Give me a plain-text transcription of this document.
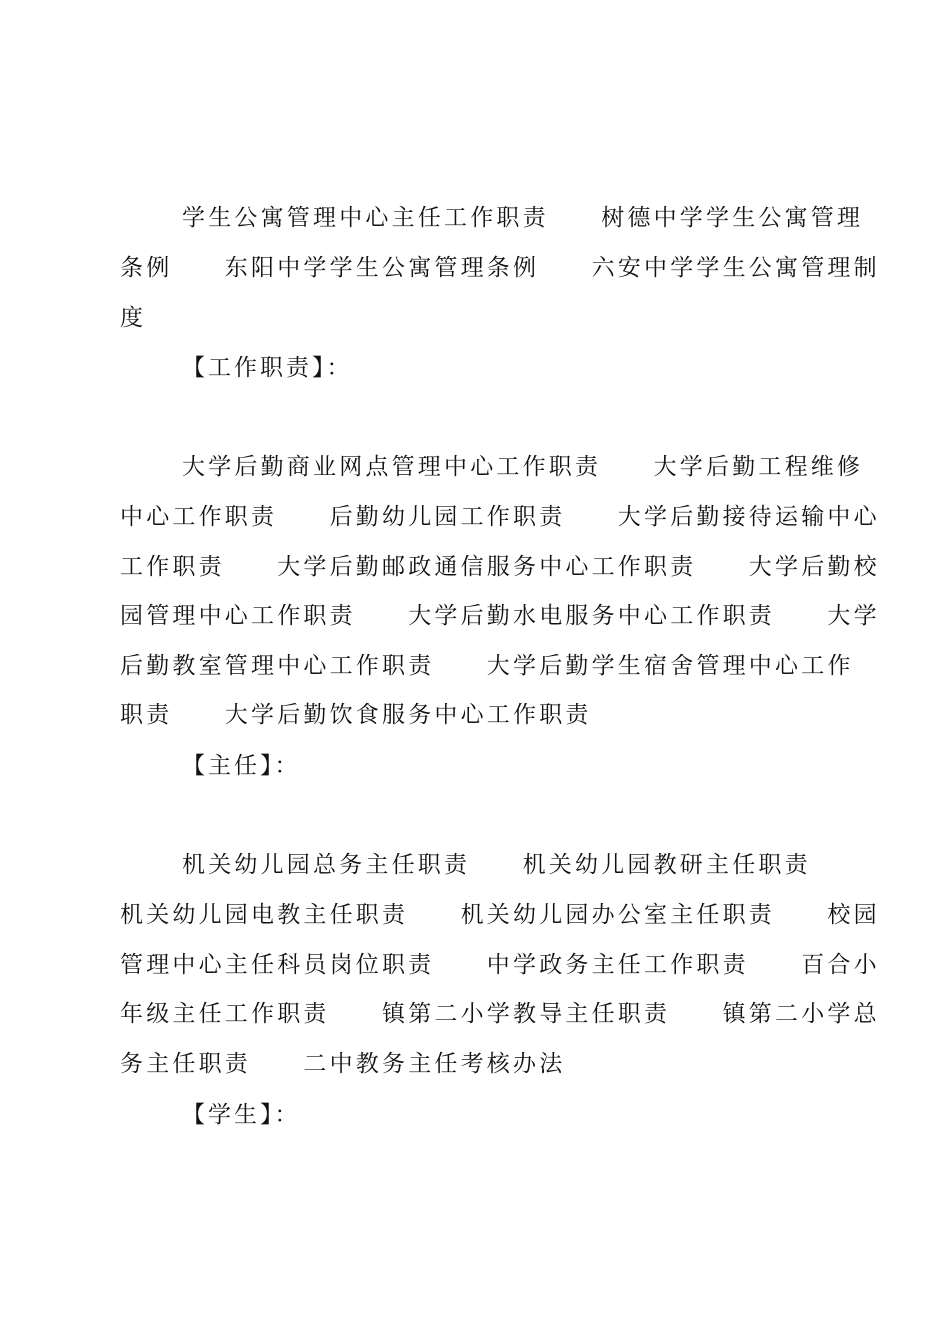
学生公寓管理中心主任工作职责　　树德中学学生公寓管理
条例　　东阳中学学生公寓管理条例　　六安中学学生公寓管理制
度
【工作职责】：
大学后勤商业网点管理中心工作职责　　大学后勤工程维修
中心工作职责　　后勤幼儿园工作职责　　大学后勤接待运输中心
工作职责　　大学后勤邮政通信服务中心工作职责　　大学后勤校
园管理中心工作职责　　大学后勤水电服务中心工作职责　　大学
后勤教室管理中心工作职责　　大学后勤学生宿舍管理中心工作
职责　　大学后勤饮食服务中心工作职责
【主任】：
机关幼儿园总务主任职责　　机关幼儿园教研主任职责
机关幼儿园电教主任职责　　机关幼儿园办公室主任职责　　校园
管理中心主任科员岗位职责　　中学政务主任工作职责　　百合小
年级主任工作职责　　镇第二小学教导主任职责　　镇第二小学总
务主任职责　　二中教务主任考核办法
【学生】：
